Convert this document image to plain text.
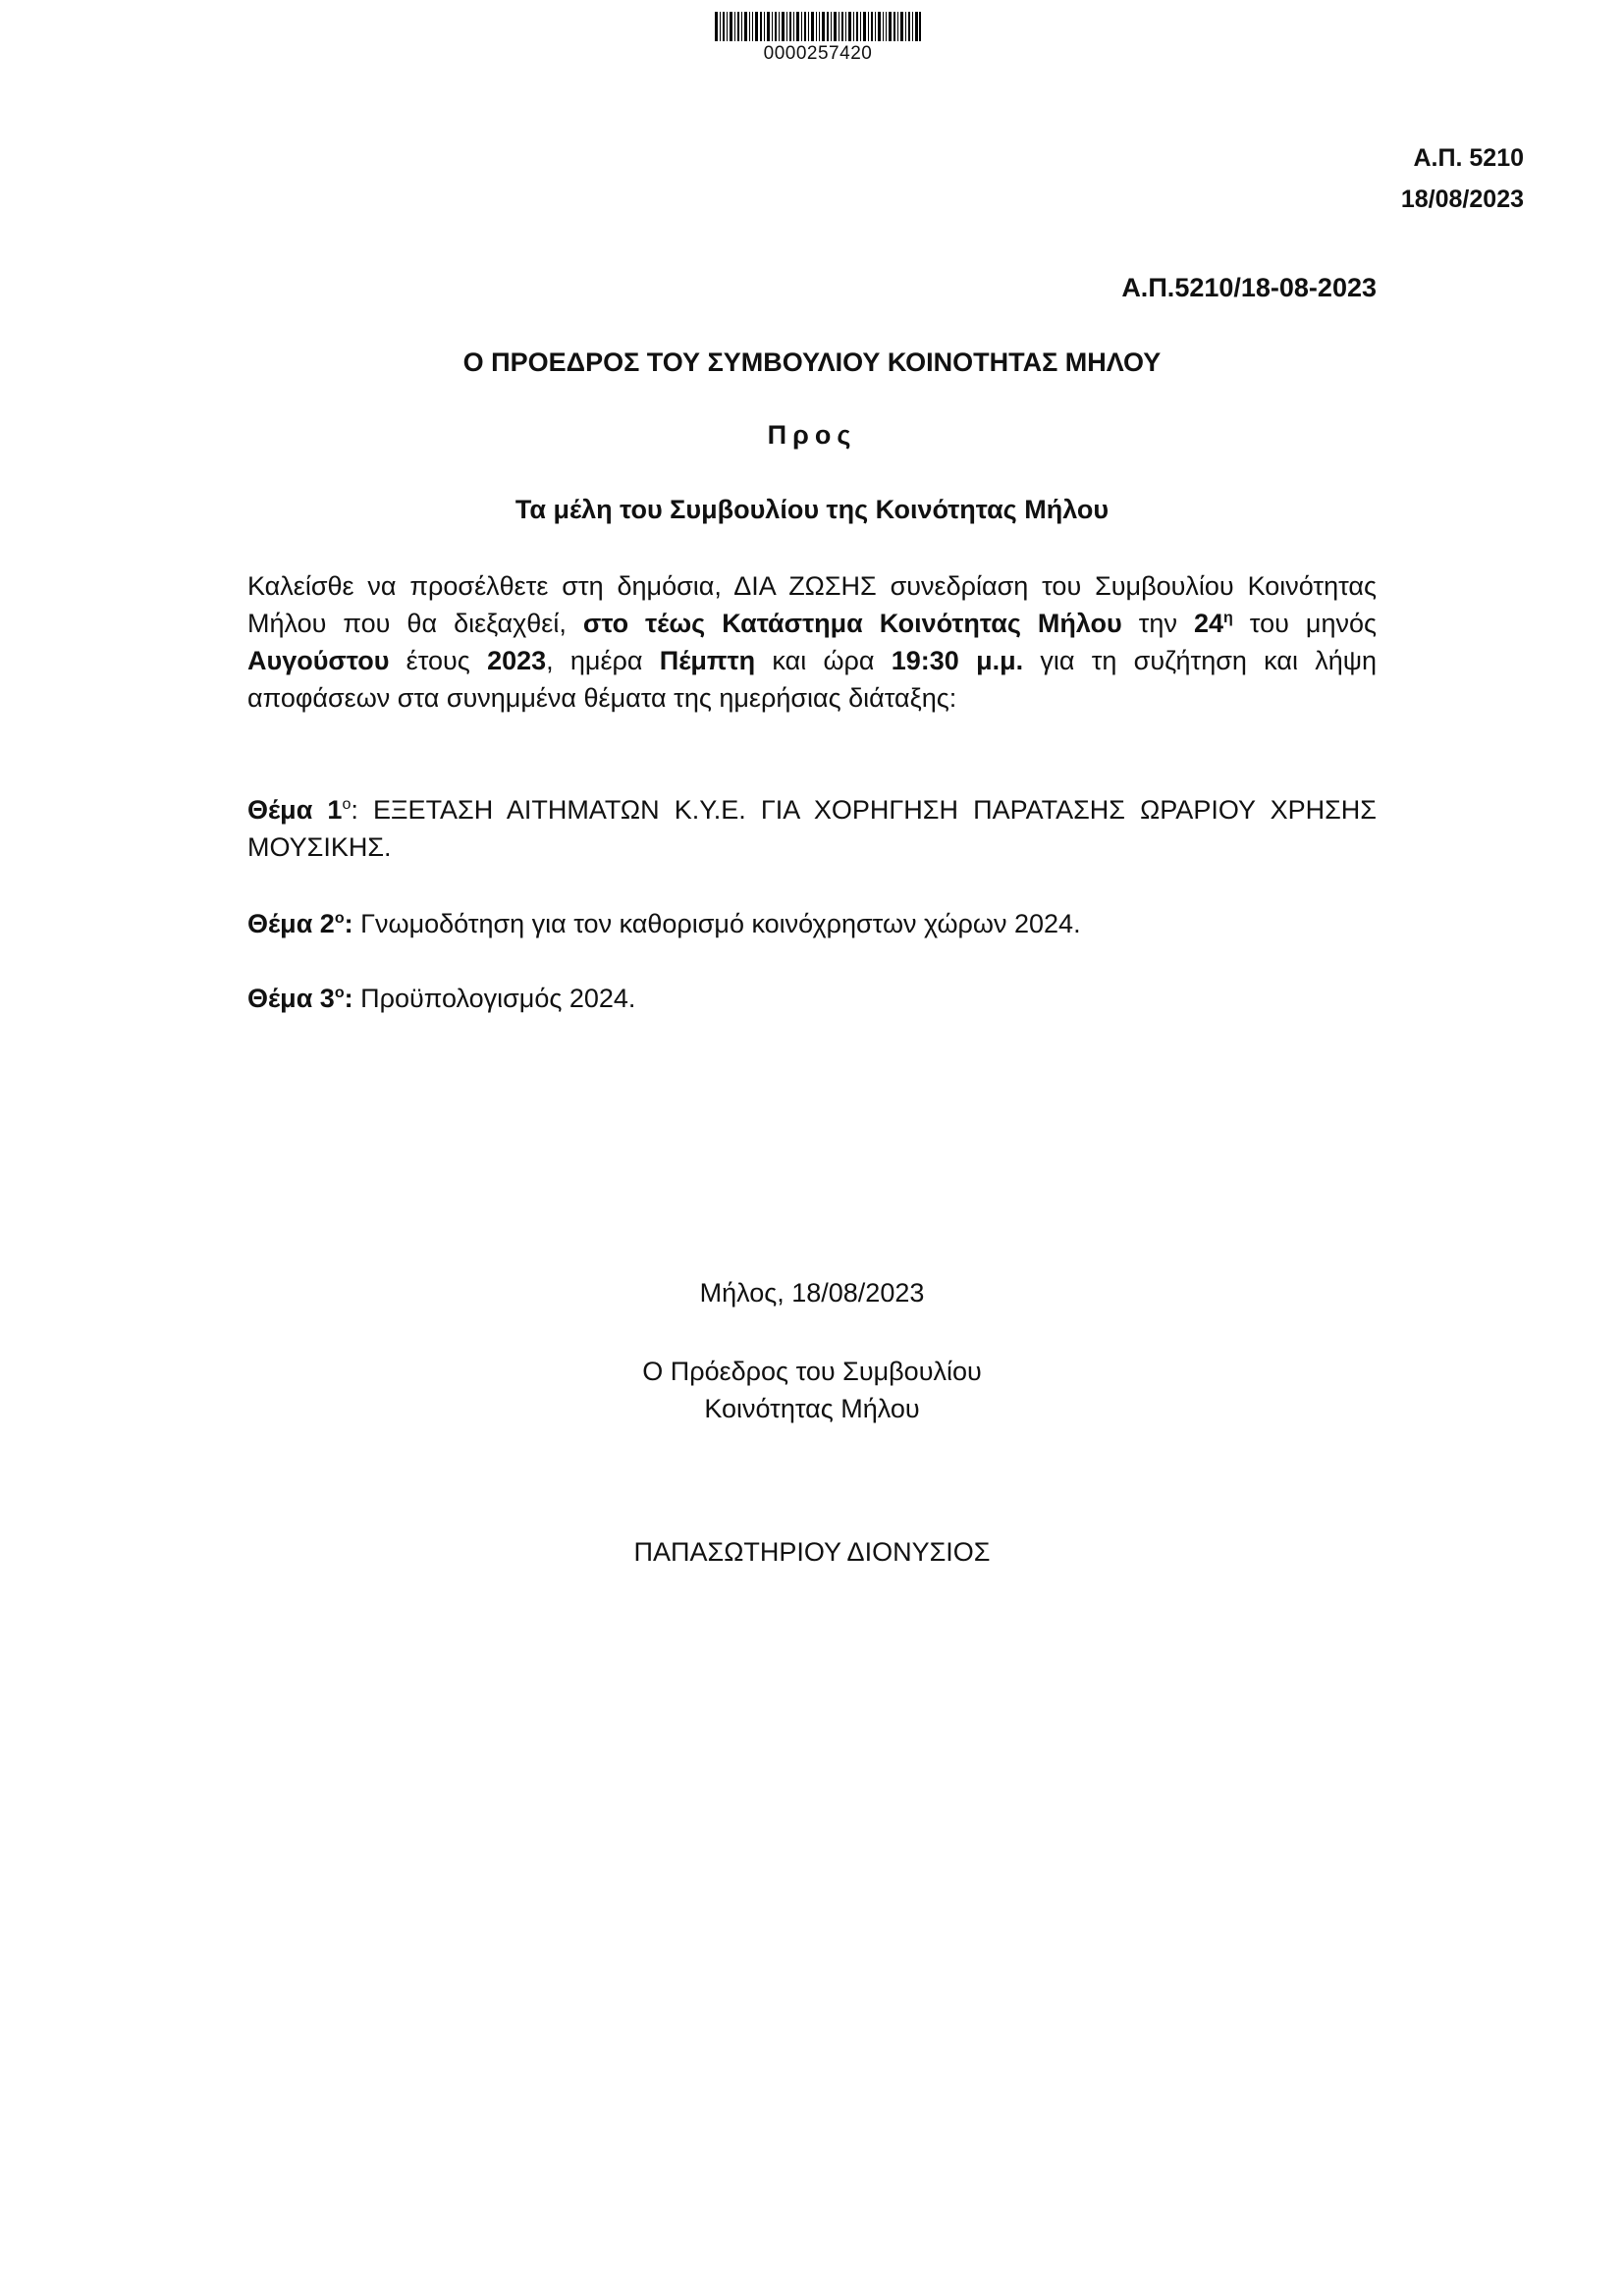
0000257420
Α.Π. 5210
18/08/2023
Α.Π.5210/18-08-2023
Ο ΠΡΟΕΔΡΟΣ ΤΟΥ ΣΥΜΒΟΥΛΙΟΥ ΚΟΙΝΟΤΗΤΑΣ ΜΗΛΟΥ
Προς
Τα μέλη του Συμβουλίου της Κοινότητας Μήλου
Καλείσθε να προσέλθετε στη δημόσια, ΔΙΑ ΖΩΣΗΣ συνεδρίαση του Συμβουλίου Κοινότητας Μήλου που θα διεξαχθεί, στο τέως Κατάστημα Κοινότητας Μήλου την $24^\eta$ του μηνός Αυγούστου έτους 2023, ημέρα Πέμπτη και ώρα 19:30 μ.μ. για τη συζήτηση και λήψη αποφάσεων στα συνημμένα θέματα της ημερήσιας διάταξης:
Θέμα $1^o$: ΕΞΕΤΑΣΗ ΑΙΤΗΜΑΤΩΝ Κ.Υ.Ε. ΓΙΑ ΧΟΡΗΓΗΣΗ ΠΑΡΑΤΑΣΗΣ ΩΡΑΡΙΟΥ ΧΡΗΣΗΣ ΜΟΥΣΙΚΗΣ.
Θέμα $2^o$: Γνωμοδότηση για τον καθορισμό κοινόχρηστων χώρων 2024.
Θέμα $3^o$: Προϋπολογισμός 2024.
Μήλος, 18/08/2023
Ο Πρόεδρος του Συμβουλίου
Κοινότητας Μήλου
ΠΑΠΑΣΩΤΗΡΙΟΥ ΔΙΟΝΥΣΙΟΣ
